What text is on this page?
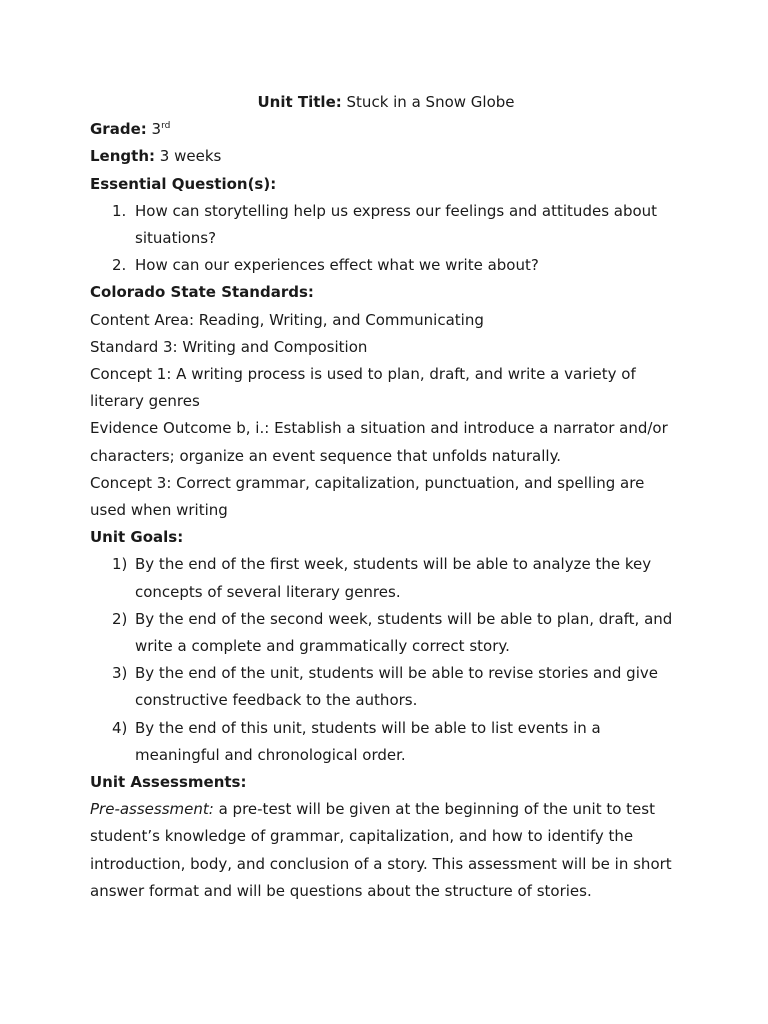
Unit Title: Stuck in a Snow Globe

Grade: 3rd

Length: 3 weeks

Essential Question(s):

1. How can storytelling help us express our feelings and attitudes about situations?
2. How can our experiences effect what we write about?

Colorado State Standards:

Content Area: Reading, Writing, and Communicating

Standard 3: Writing and Composition

Concept 1: A writing process is used to plan, draft, and write a variety of literary genres

Evidence Outcome b, i.: Establish a situation and introduce a narrator and/or characters; organize an event sequence that unfolds naturally.

Concept 3: Correct grammar, capitalization, punctuation, and spelling are used when writing

Unit Goals:

1) By the end of the first week, students will be able to analyze the key concepts of several literary genres.
2) By the end of the second week, students will be able to plan, draft, and write a complete and grammatically correct story.
3) By the end of the unit, students will be able to revise stories and give constructive feedback to the authors.
4) By the end of this unit, students will be able to list events in a meaningful and chronological order.

Unit Assessments:

Pre-assessment: a pre-test will be given at the beginning of the unit to test student’s knowledge of grammar, capitalization, and how to identify the introduction, body, and conclusion of a story. This assessment will be in short answer format and will be questions about the structure of stories.
